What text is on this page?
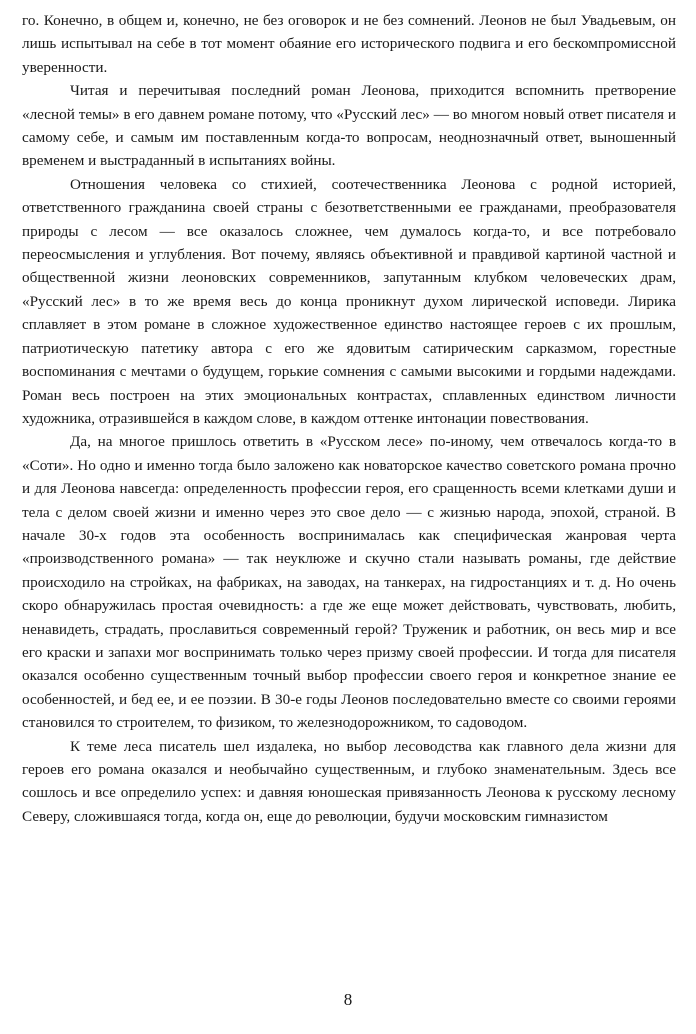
го. Конечно, в общем и, конечно, не без оговорок и не без сомнений. Леонов не был Увадьевым, он лишь испытывал на себе в тот момент обаяние его исторического подвига и его бескомпромиссной уверенности.

Читая и перечитывая последний роман Леонова, приходится вспомнить претворение «лесной темы» в его давнем романе потому, что «Русский лес» — во многом новый ответ писателя и самому себе, и самым им поставленным когда-то вопросам, неоднозначный ответ, выношенный временем и выстраданный в испытаниях войны.

Отношения человека со стихией, соотечественника Леонова с родной историей, ответственного гражданина своей страны с безответственными ее гражданами, преобразователя природы с лесом — все оказалось сложнее, чем думалось когда-то, и все потребовало переосмысления и углубления. Вот почему, являясь объективной и правдивой картиной частной и общественной жизни леоновских современников, запутанным клубком человеческих драм, «Русский лес» в то же время весь до конца проникнут духом лирической исповеди. Лирика сплавляет в этом романе в сложное художественное единство настоящее героев с их прошлым, патриотическую патетику автора с его же ядовитым сатирическим сарказмом, горестные воспоминания с мечтами о будущем, горькие сомнения с самыми высокими и гордыми надеждами. Роман весь построен на этих эмоциональных контрастах, сплавленных единством личности художника, отразившейся в каждом слове, в каждом оттенке интонации повествования.

Да, на многое пришлось ответить в «Русском лесе» по-иному, чем отвечалось когда-то в «Соти». Но одно и именно тогда было заложено как новаторское качество советского романа прочно и для Леонова навсегда: определенность профессии героя, его сращенность всеми клетками души и тела с делом своей жизни и именно через это свое дело — с жизнью народа, эпохой, страной. В начале 30-х годов эта особенность воспринималась как специфическая жанровая черта «производственного романа» — так неуклюже и скучно стали называть романы, где действие происходило на стройках, на фабриках, на заводах, на танкерах, на гидростанциях и т. д. Но очень скоро обнаружилась простая очевидность: а где же еще может действовать, чувствовать, любить, ненавидеть, страдать, прославиться современный герой? Труженик и работник, он весь мир и все его краски и запахи мог воспринимать только через призму своей профессии. И тогда для писателя оказался особенно существенным точный выбор профессии своего героя и конкретное знание ее особенностей, и бед ее, и ее поэзии. В 30-е годы Леонов последовательно вместе со своими героями становился то строителем, то физиком, то железнодорожником, то садоводом.

К теме леса писатель шел издалека, но выбор лесоводства как главного дела жизни для героев его романа оказался и необычайно существенным, и глубоко знаменательным. Здесь все сошлось и все определило успех: и давняя юношеская привязанность Леонова к русскому лесному Северу, сложившаяся тогда, когда он, еще до революции, будучи московским гимназистом

8
